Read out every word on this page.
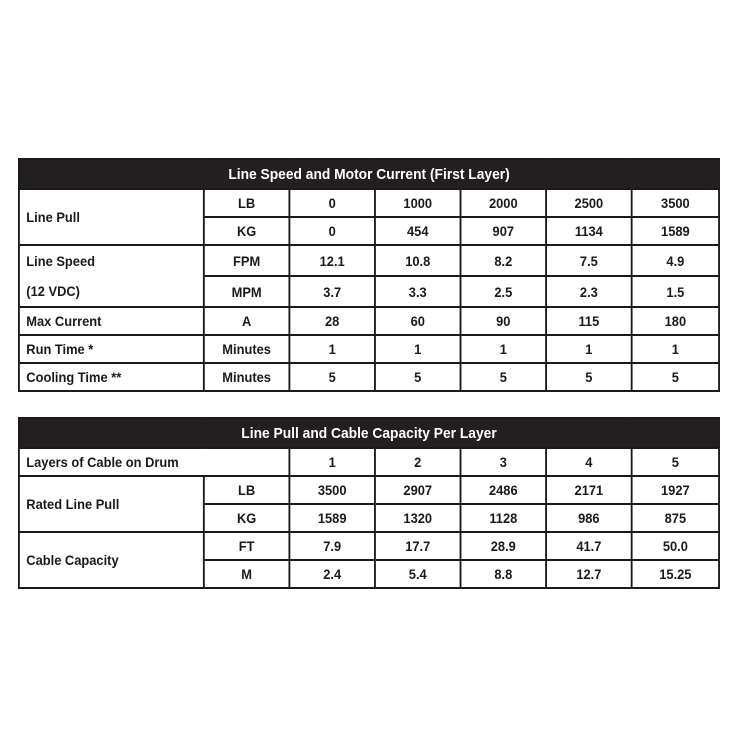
Line Speed and Motor Current (First Layer)						
Line Pull	LB	0	1000	2000	2500	3500
	KG	0	454	907	1134	1589

Line Speed
(12 VDC)	FPM	12.1	10.8	8.2	7.5	4.9
	MPM	3.7	3.3	2.5	2.3	1.5
Max Current	A	28	60	90	115	180
Run Time *	Minutes	1	1	1	1	1
Cooling Time **	Minutes	5	5	5	5	5
Line Pull and Cable Capacity Per Layer						
Layers of Cable on Drum		1	2	3	4	5
Rated Line Pull	LB	3500	2907	2486	2171	1927
	KG	1589	1320	1128	986	875
Cable Capacity	FT	7.9	17.7	28.9	41.7	50.0
	M	2.4	5.4	8.8	12.7	15.25
